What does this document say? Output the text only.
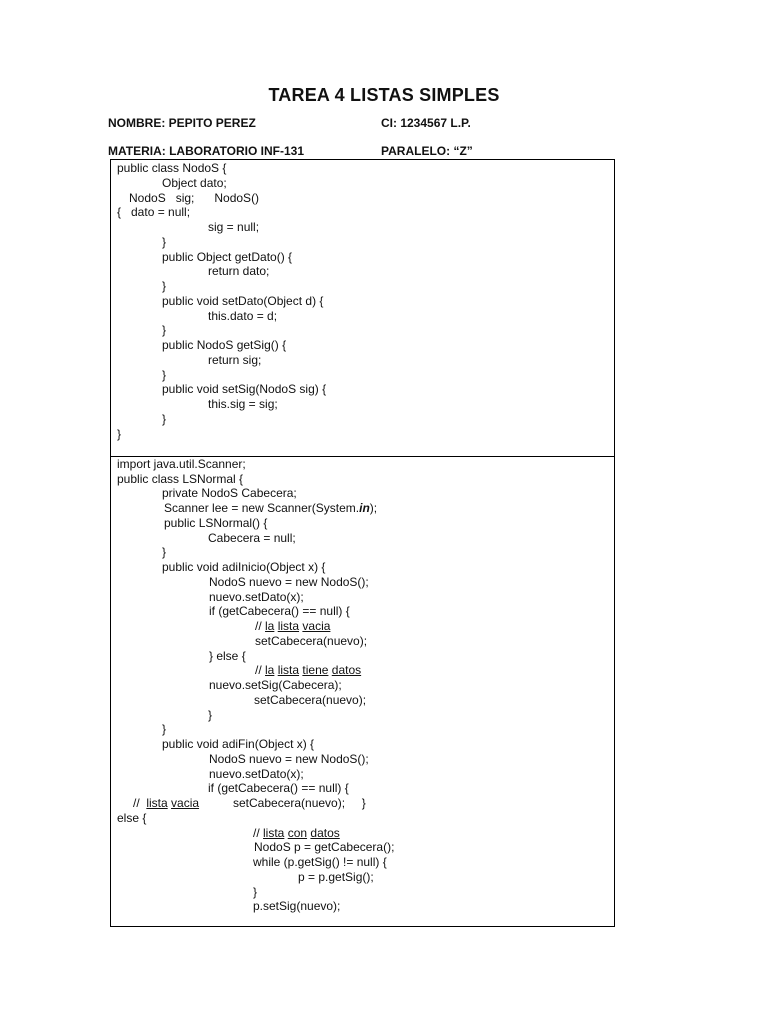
TAREA 4 LISTAS SIMPLES
NOMBRE: PEPITO PEREZ	CI: 1234567 L.P.
MATERIA: LABORATORIO INF-131	PARALELO: “Z”
public class NodoS {
Object dato;
NodoS   sig;      NodoS()
{   dato = null;
sig = null;
}
public Object getDato() {
return dato;
}
public void setDato(Object d) {
this.dato = d;
}
public NodoS getSig() {
return sig;
}
public void setSig(NodoS sig) {
this.sig = sig;
}
}
import java.util.Scanner;
public class LSNormal {
private NodoS Cabecera;
Scanner lee = new Scanner(System.in);
public LSNormal() {
Cabecera = null;
}
public void adiInicio(Object x) {
NodoS nuevo = new NodoS();
nuevo.setDato(x);
if (getCabecera() == null) {
// la lista vacia
setCabecera(nuevo);
} else {
// la lista tiene datos
nuevo.setSig(Cabecera);
setCabecera(nuevo);
}
}
public void adiFin(Object x) {
NodoS nuevo = new NodoS();
nuevo.setDato(x);
if (getCabecera() == null) {
//  lista vacia	setCabecera(nuevo);     }
else {
// lista con datos
NodoS p = getCabecera();
while (p.getSig() != null) {
p = p.getSig();
}
p.setSig(nuevo);
